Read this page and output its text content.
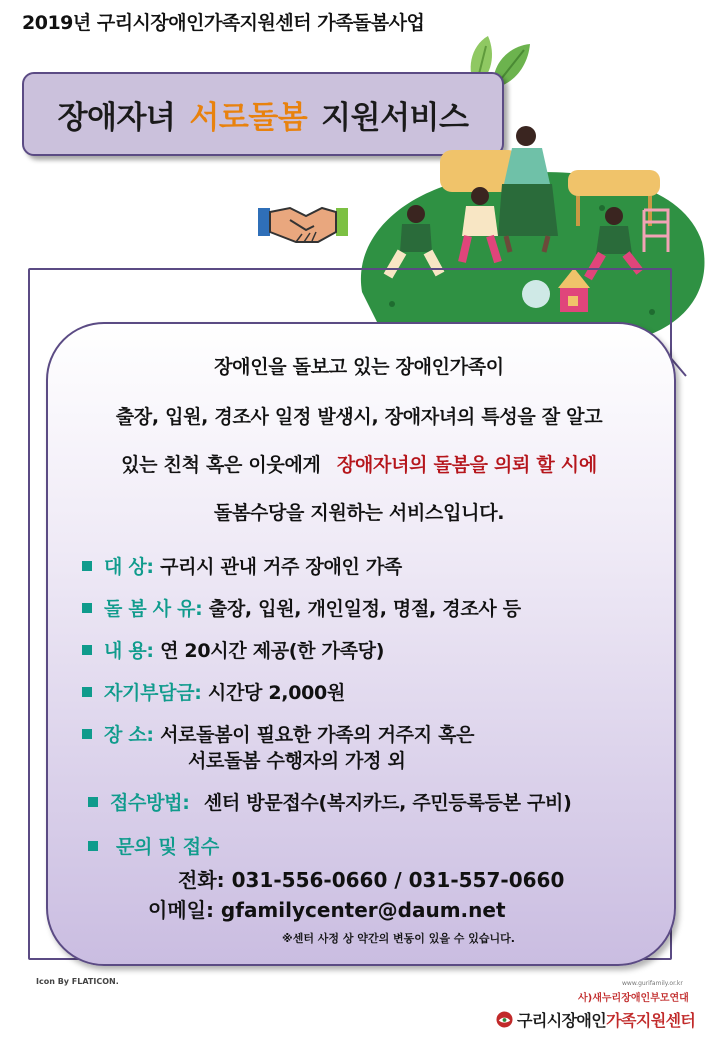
2019년 구리시장애인가족지원센터 가족돌봄사업
장애자녀 서로돌봄 지원서비스
장애인을 돌보고 있는 장애인가족이
출장, 입원, 경조사 일정 발생시, 장애자녀의 특성을 잘 알고
있는 친척 혹은 이웃에게 장애자녀의 돌봄을 의뢰 할 시에
돌봄수당을 지원하는 서비스입니다.
대 상: 구리시 관내 거주 장애인 가족
돌 봄 사 유: 출장, 입원, 개인일정, 명절, 경조사 등
내 용: 연 20시간 제공(한 가족당)
자기부담금: 시간당 2,000원
장 소: 서로돌봄이 필요한 가족의 거주지 혹은
서로돌봄 수행자의 가정 외
접수방법: 센터 방문접수(복지카드, 주민등록등본 구비)
문의 및 접수
전화: 031-556-0660 / 031-557-0660
이메일: gfamilycenter@daum.net
※센터 사정 상 약간의 변동이 있을 수 있습니다.
Icon By FLATICON.	www.gurifamily.or.kr
사)새누리장애인부모연대
구리시장애인 가족지원센터
